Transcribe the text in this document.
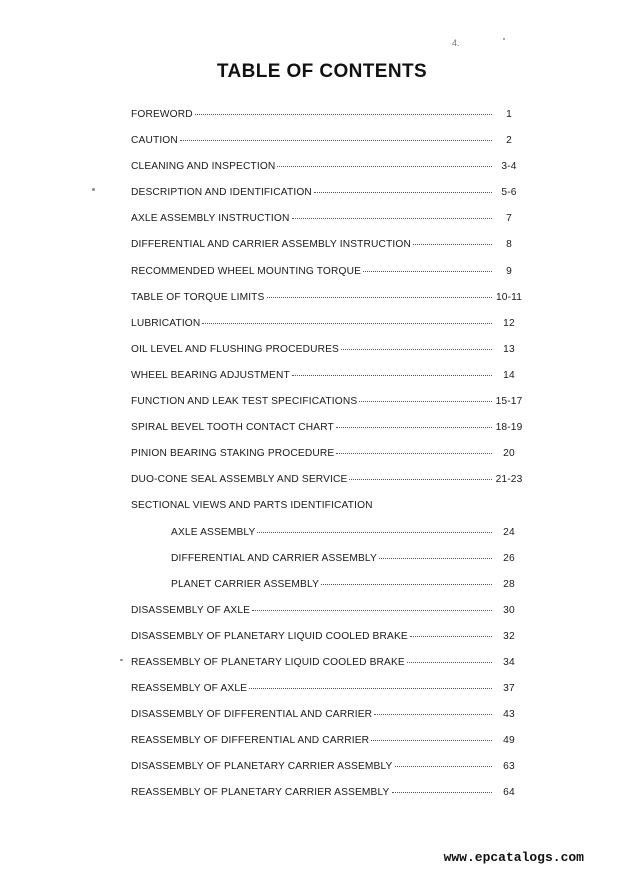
4.
TABLE OF CONTENTS
FOREWORD	1
CAUTION	2
CLEANING AND INSPECTION	3-4
DESCRIPTION AND IDENTIFICATION	5-6
AXLE ASSEMBLY INSTRUCTION	7
DIFFERENTIAL AND CARRIER ASSEMBLY INSTRUCTION	8
RECOMMENDED WHEEL MOUNTING TORQUE	9
TABLE OF TORQUE LIMITS	10-11
LUBRICATION	12
OIL LEVEL AND FLUSHING PROCEDURES	13
WHEEL BEARING ADJUSTMENT	14
FUNCTION AND LEAK TEST SPECIFICATIONS	15-17
SPIRAL BEVEL TOOTH CONTACT CHART	18-19
PINION BEARING STAKING PROCEDURE	20
DUO-CONE SEAL ASSEMBLY AND SERVICE	21-23
SECTIONAL VIEWS AND PARTS IDENTIFICATION
AXLE ASSEMBLY	24
DIFFERENTIAL AND CARRIER ASSEMBLY	26
PLANET CARRIER ASSEMBLY	28
DISASSEMBLY OF AXLE	30
DISASSEMBLY OF PLANETARY LIQUID COOLED BRAKE	32
REASSEMBLY OF PLANETARY LIQUID COOLED BRAKE	34
REASSEMBLY OF AXLE	37
DISASSEMBLY OF DIFFERENTIAL AND CARRIER	43
REASSEMBLY OF DIFFERENTIAL AND CARRIER	49
DISASSEMBLY OF PLANETARY CARRIER ASSEMBLY	63
REASSEMBLY OF PLANETARY CARRIER ASSEMBLY	64
www.epcatalogs.com
